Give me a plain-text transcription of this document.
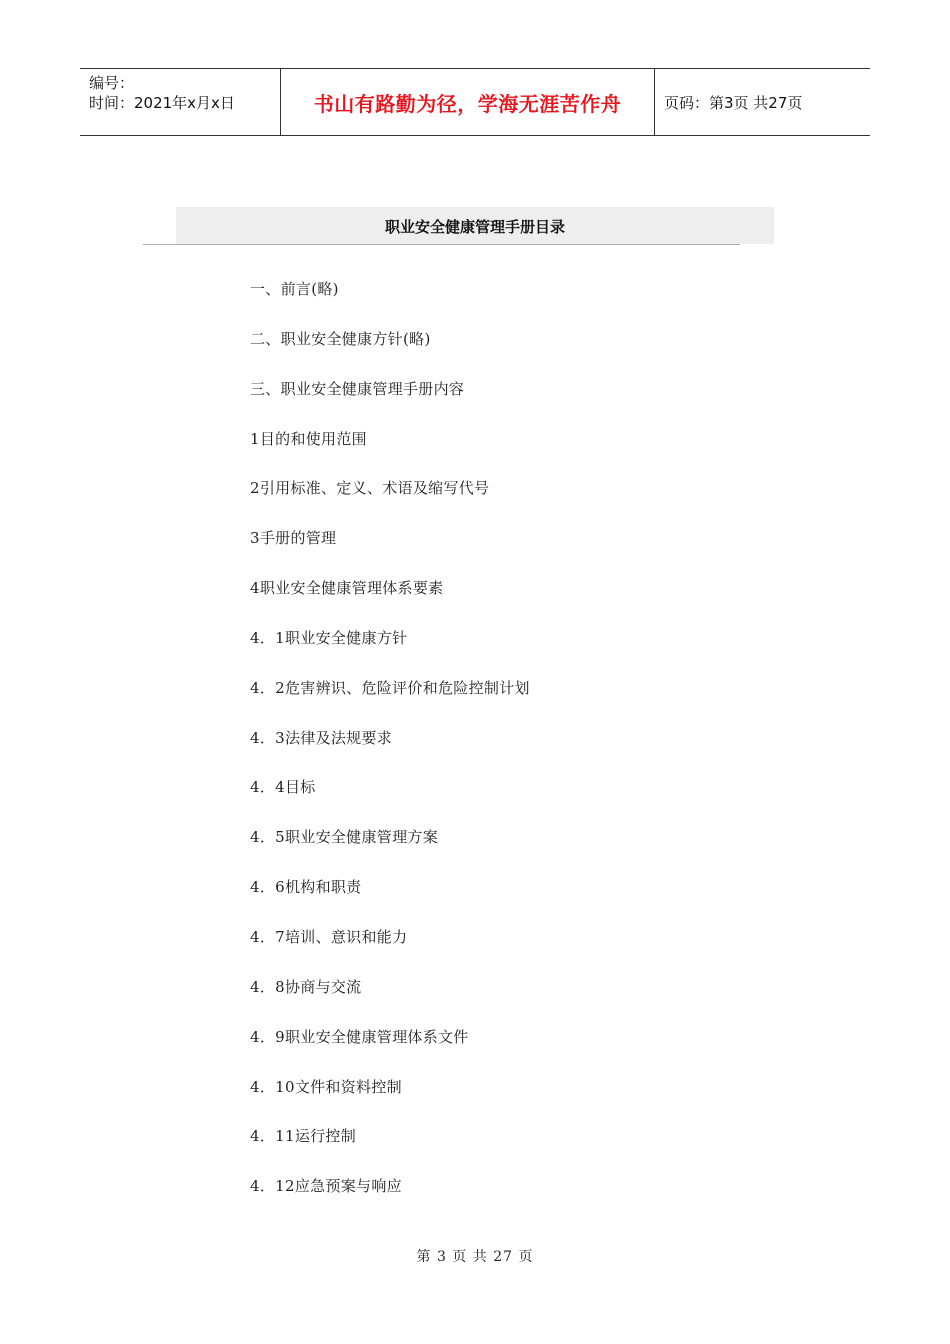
编号：
时间：2021年x月x日	书山有路勤为径，学海无涯苦作舟	页码：第3页 共27页
职业安全健康管理手册目录
一、前言(略)
二、职业安全健康方针(略)
三、职业安全健康管理手册内容
1目的和使用范围
2引用标准、定义、术语及缩写代号
3手册的管理
4职业安全健康管理体系要素
4．1职业安全健康方针
4．2危害辨识、危险评价和危险控制计划
4．3法律及法规要求
4．4目标
4．5职业安全健康管理方案
4．6机构和职责
4．7培训、意识和能力
4．8协商与交流
4．9职业安全健康管理体系文件
4．10文件和资料控制
4．11运行控制
4．12应急预案与响应
第 3 页 共 27 页
